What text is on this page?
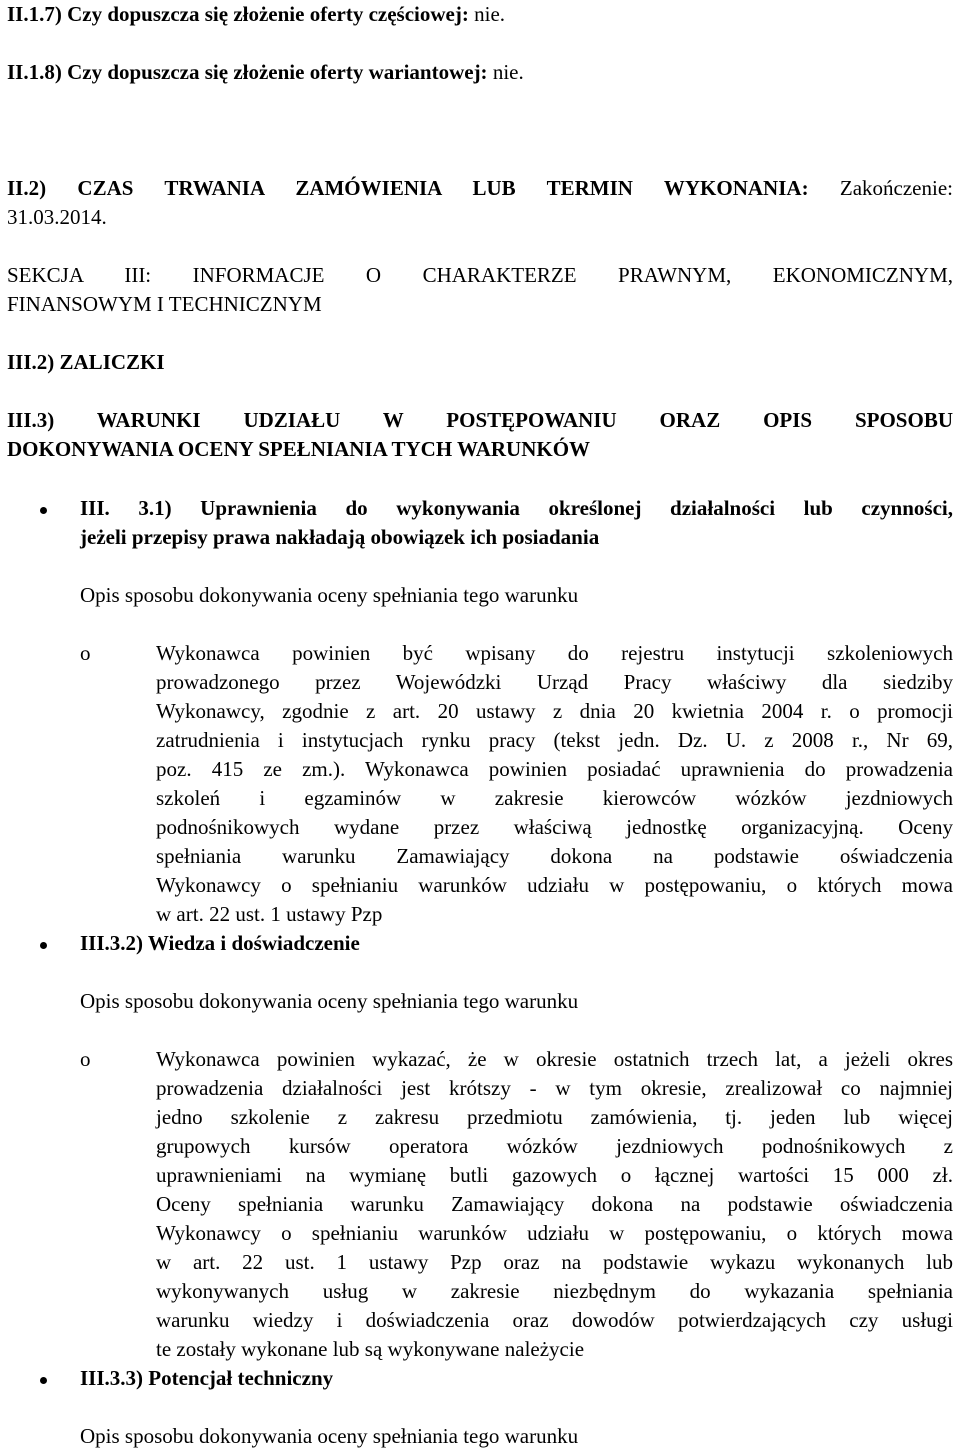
II.1.7) Czy dopuszcza się złożenie oferty częściowej: nie.
II.1.8) Czy dopuszcza się złożenie oferty wariantowej: nie.
II.2) CZAS TRWANIA ZAMÓWIENIA LUB TERMIN WYKONANIA: Zakończenie:
31.03.2014.
SEKCJA III: INFORMACJE O CHARAKTERZE PRAWNYM, EKONOMICZNYM,
FINANSOWYM I TECHNICZNYM
III.2) ZALICZKI
III.3) WARUNKI UDZIAŁU W POSTĘPOWANIU ORAZ OPIS SPOSOBU
DOKONYWANIA OCENY SPEŁNIANIA TYCH WARUNKÓW
III. 3.1) Uprawnienia do wykonywania określonej działalności lub czynności,
jeżeli przepisy prawa nakładają obowiązek ich posiadania
Opis sposobu dokonywania oceny spełniania tego warunku
o	Wykonawca powinien być wpisany do rejestru instytucji szkoleniowych
prowadzonego przez Wojewódzki Urząd Pracy właściwy dla siedziby
Wykonawcy, zgodnie z art. 20 ustawy z dnia 20 kwietnia 2004 r. o promocji
zatrudnienia i instytucjach rynku pracy (tekst jedn. Dz. U. z 2008 r., Nr 69,
poz. 415 ze zm.). Wykonawca powinien posiadać uprawnienia do prowadzenia
szkoleń i egzaminów w zakresie kierowców wózków jezdniowych
podnośnikowych wydane przez właściwą jednostkę organizacyjną. Oceny
spełniania warunku Zamawiający dokona na podstawie oświadczenia
Wykonawcy o spełnianiu warunków udziału w postępowaniu, o których mowa
w art. 22 ust. 1 ustawy Pzp
III.3.2) Wiedza i doświadczenie
Opis sposobu dokonywania oceny spełniania tego warunku
o	Wykonawca powinien wykazać, że w okresie ostatnich trzech lat, a jeżeli okres
prowadzenia działalności jest krótszy - w tym okresie, zrealizował co najmniej
jedno szkolenie z zakresu przedmiotu zamówienia, tj. jeden lub więcej
grupowych kursów operatora wózków jezdniowych podnośnikowych z
uprawnieniami na wymianę butli gazowych o łącznej wartości 15 000 zł.
Oceny spełniania warunku Zamawiający dokona na podstawie oświadczenia
Wykonawcy o spełnianiu warunków udziału w postępowaniu, o których mowa
w art. 22 ust. 1 ustawy Pzp oraz na podstawie wykazu wykonanych lub
wykonywanych usług w zakresie niezbędnym do wykazania spełniania
warunku wiedzy i doświadczenia oraz dowodów potwierdzających czy usługi
te zostały wykonane lub są wykonywane należycie
III.3.3) Potencjał techniczny
Opis sposobu dokonywania oceny spełniania tego warunku
